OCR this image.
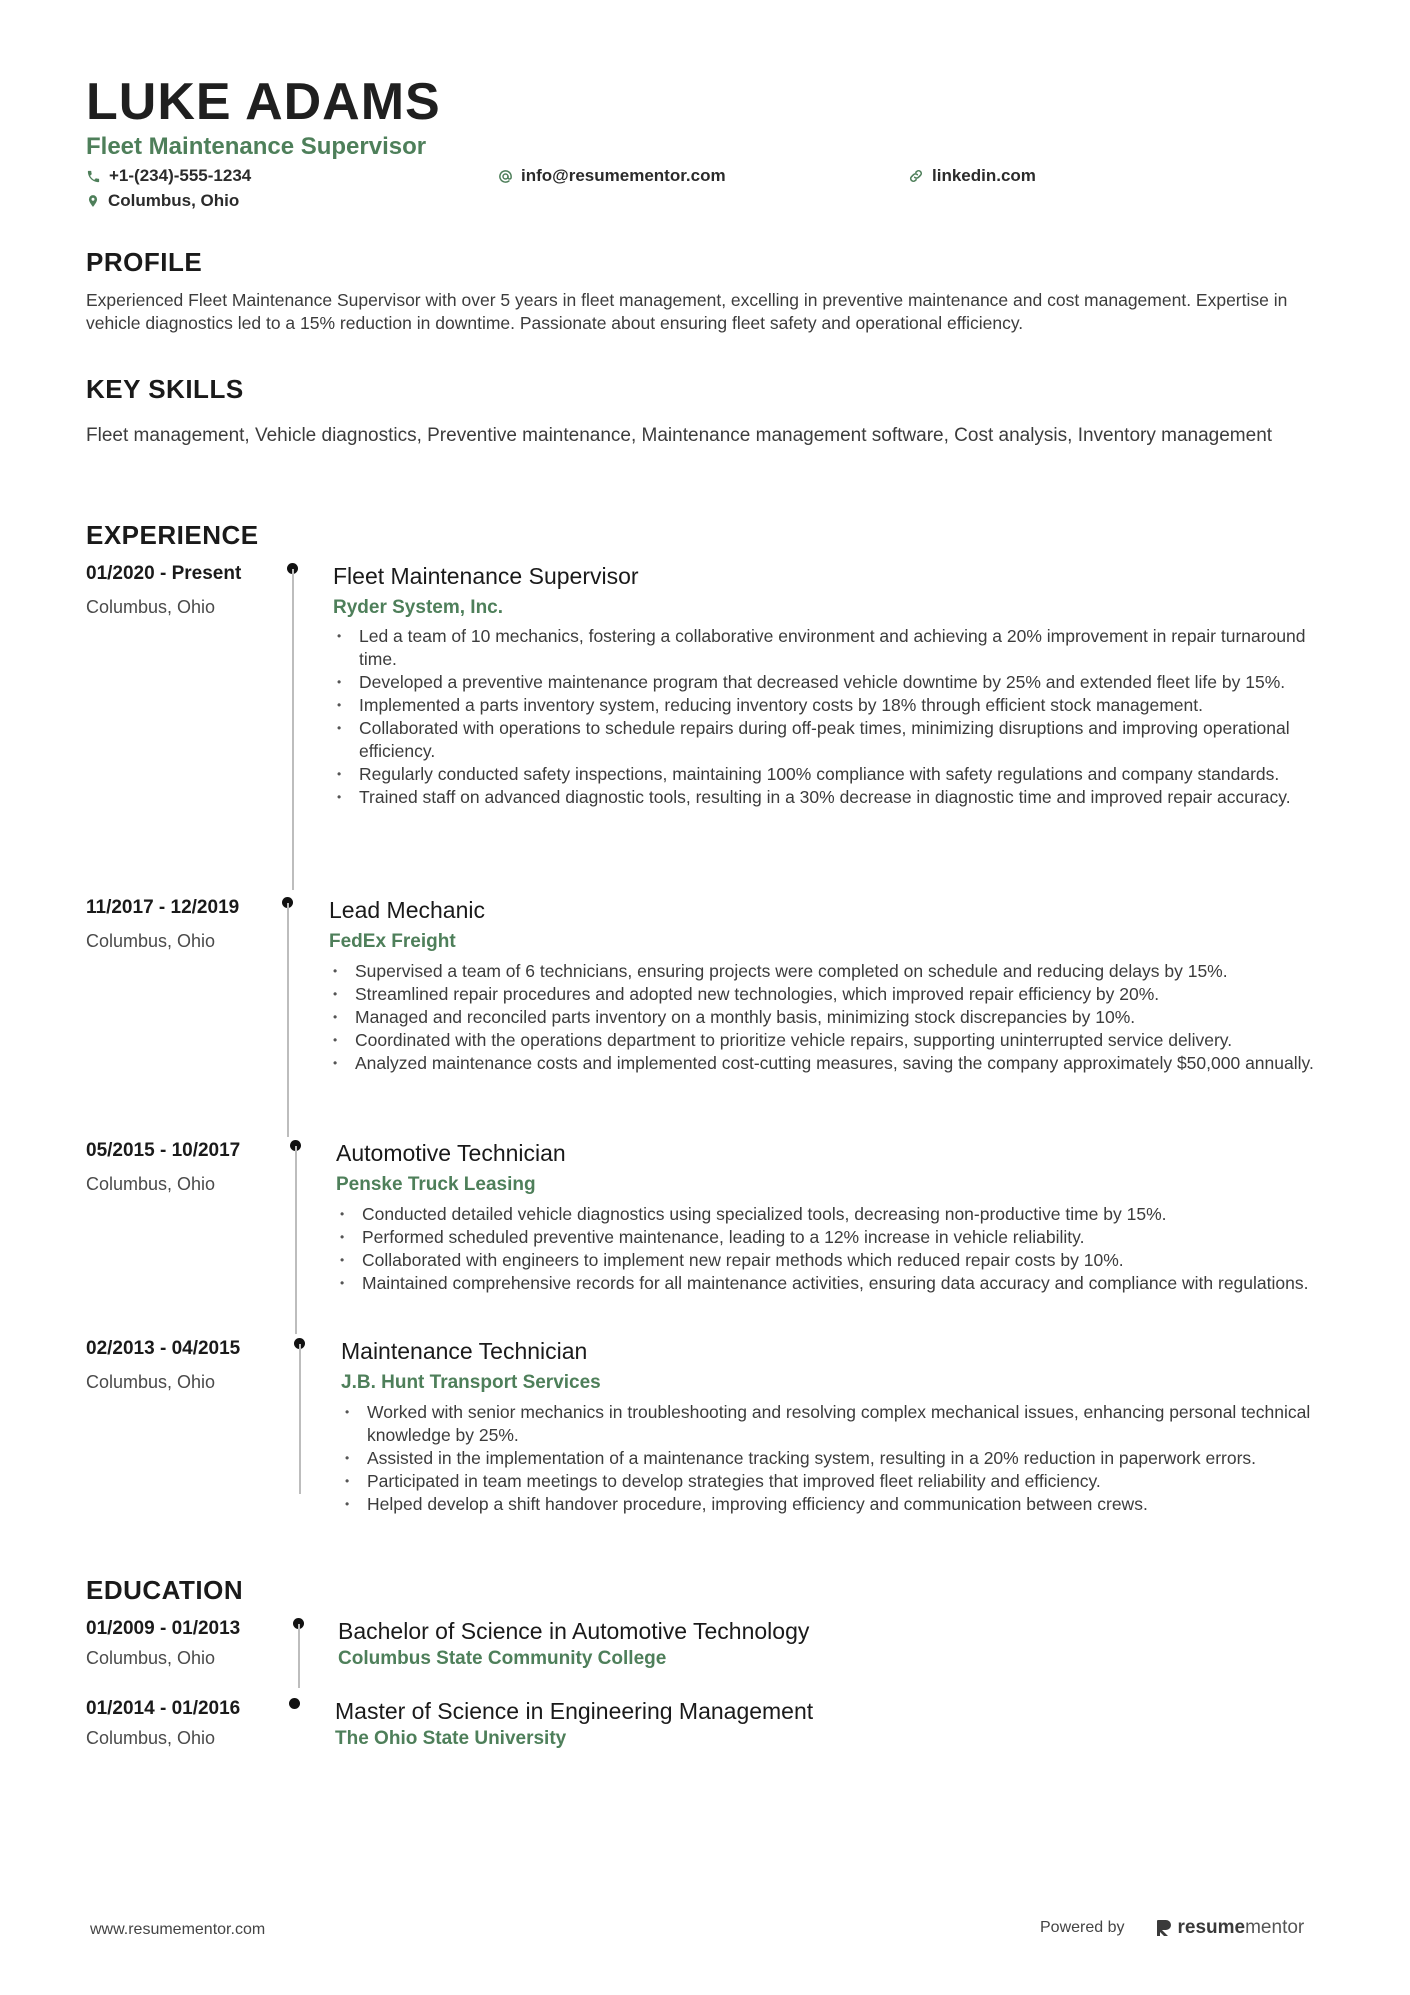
LUKE ADAMS
Fleet Maintenance Supervisor
+1-(234)-555-1234	info@resumementor.com	linkedin.com
Columbus, Ohio
PROFILE
Experienced Fleet Maintenance Supervisor with over 5 years in fleet management, excelling in preventive maintenance and cost management. Expertise in vehicle diagnostics led to a 15% reduction in downtime. Passionate about ensuring fleet safety and operational efficiency.
KEY SKILLS
Fleet management, Vehicle diagnostics, Preventive maintenance, Maintenance management software, Cost analysis, Inventory management
EXPERIENCE
01/2020 - Present
Columbus, Ohio
Fleet Maintenance Supervisor
Ryder System, Inc.
• Led a team of 10 mechanics, fostering a collaborative environment and achieving a 20% improvement in repair turnaround time.
• Developed a preventive maintenance program that decreased vehicle downtime by 25% and extended fleet life by 15%.
• Implemented a parts inventory system, reducing inventory costs by 18% through efficient stock management.
• Collaborated with operations to schedule repairs during off-peak times, minimizing disruptions and improving operational efficiency.
• Regularly conducted safety inspections, maintaining 100% compliance with safety regulations and company standards.
• Trained staff on advanced diagnostic tools, resulting in a 30% decrease in diagnostic time and improved repair accuracy.
11/2017 - 12/2019
Columbus, Ohio
Lead Mechanic
FedEx Freight
• Supervised a team of 6 technicians, ensuring projects were completed on schedule and reducing delays by 15%.
• Streamlined repair procedures and adopted new technologies, which improved repair efficiency by 20%.
• Managed and reconciled parts inventory on a monthly basis, minimizing stock discrepancies by 10%.
• Coordinated with the operations department to prioritize vehicle repairs, supporting uninterrupted service delivery.
• Analyzed maintenance costs and implemented cost-cutting measures, saving the company approximately $50,000 annually.
05/2015 - 10/2017
Columbus, Ohio
Automotive Technician
Penske Truck Leasing
• Conducted detailed vehicle diagnostics using specialized tools, decreasing non-productive time by 15%.
• Performed scheduled preventive maintenance, leading to a 12% increase in vehicle reliability.
• Collaborated with engineers to implement new repair methods which reduced repair costs by 10%.
• Maintained comprehensive records for all maintenance activities, ensuring data accuracy and compliance with regulations.
02/2013 - 04/2015
Columbus, Ohio
Maintenance Technician
J.B. Hunt Transport Services
• Worked with senior mechanics in troubleshooting and resolving complex mechanical issues, enhancing personal technical knowledge by 25%.
• Assisted in the implementation of a maintenance tracking system, resulting in a 20% reduction in paperwork errors.
• Participated in team meetings to develop strategies that improved fleet reliability and efficiency.
• Helped develop a shift handover procedure, improving efficiency and communication between crews.
EDUCATION
01/2009 - 01/2013
Columbus, Ohio
Bachelor of Science in Automotive Technology
Columbus State Community College
01/2014 - 01/2016
Columbus, Ohio
Master of Science in Engineering Management
The Ohio State University
www.resumementor.com	Powered by	resume mentor
